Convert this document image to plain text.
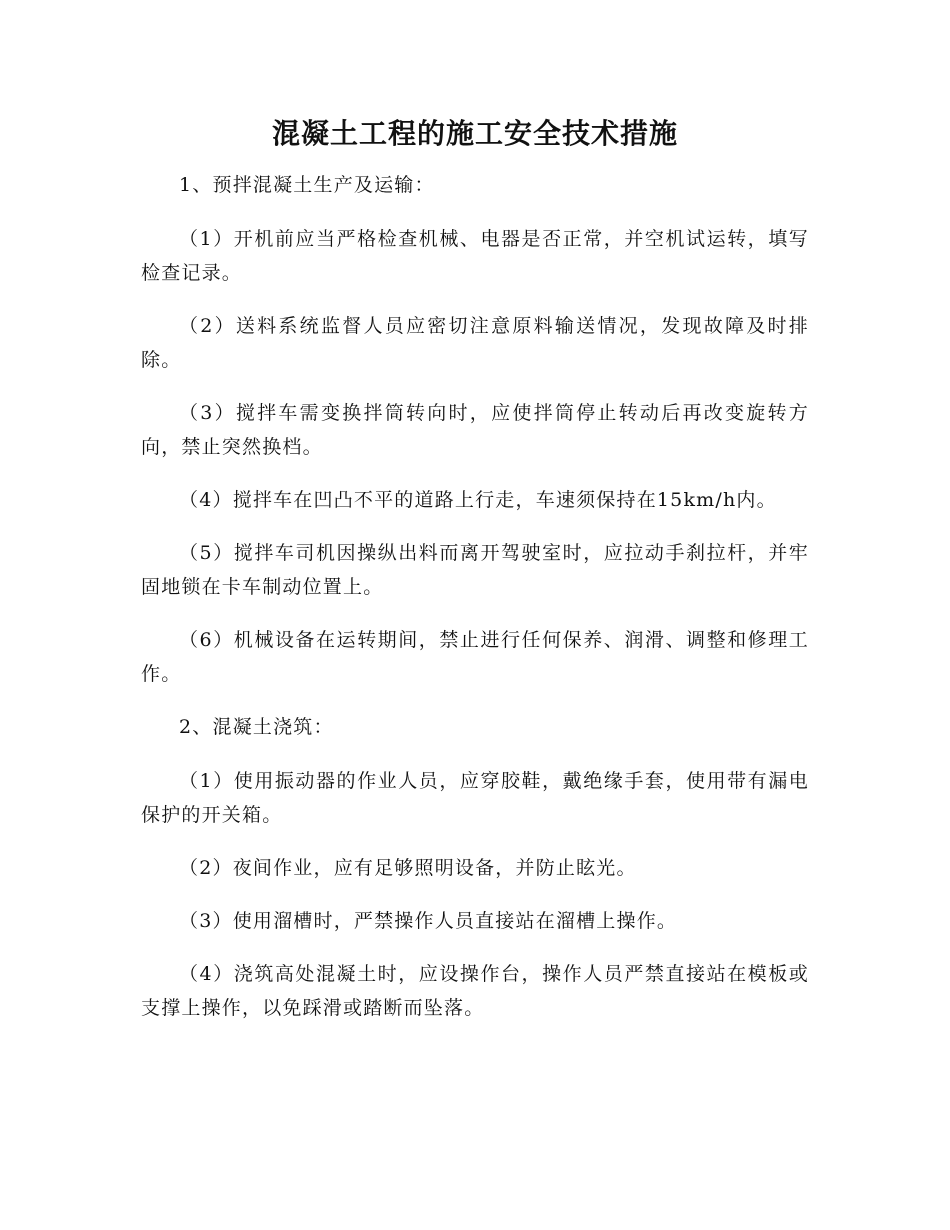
混凝土工程的施工安全技术措施

1、预拌混凝土生产及运输：

（1）开机前应当严格检查机械、电器是否正常，并空机试运转，填写检查记录。

（2）送料系统监督人员应密切注意原料输送情况，发现故障及时排除。

（3）搅拌车需变换拌筒转向时，应使拌筒停止转动后再改变旋转方向，禁止突然换档。

（4）搅拌车在凹凸不平的道路上行走，车速须保持在15km/h内。

（5）搅拌车司机因操纵出料而离开驾驶室时，应拉动手刹拉杆，并牢固地锁在卡车制动位置上。

（6）机械设备在运转期间，禁止进行任何保养、润滑、调整和修理工作。

2、混凝土浇筑：

（1）使用振动器的作业人员，应穿胶鞋，戴绝缘手套，使用带有漏电保护的开关箱。

（2）夜间作业，应有足够照明设备，并防止眩光。

（3）使用溜槽时，严禁操作人员直接站在溜槽上操作。

（4）浇筑高处混凝土时，应设操作台，操作人员严禁直接站在模板或支撑上操作，以免踩滑或踏断而坠落。
